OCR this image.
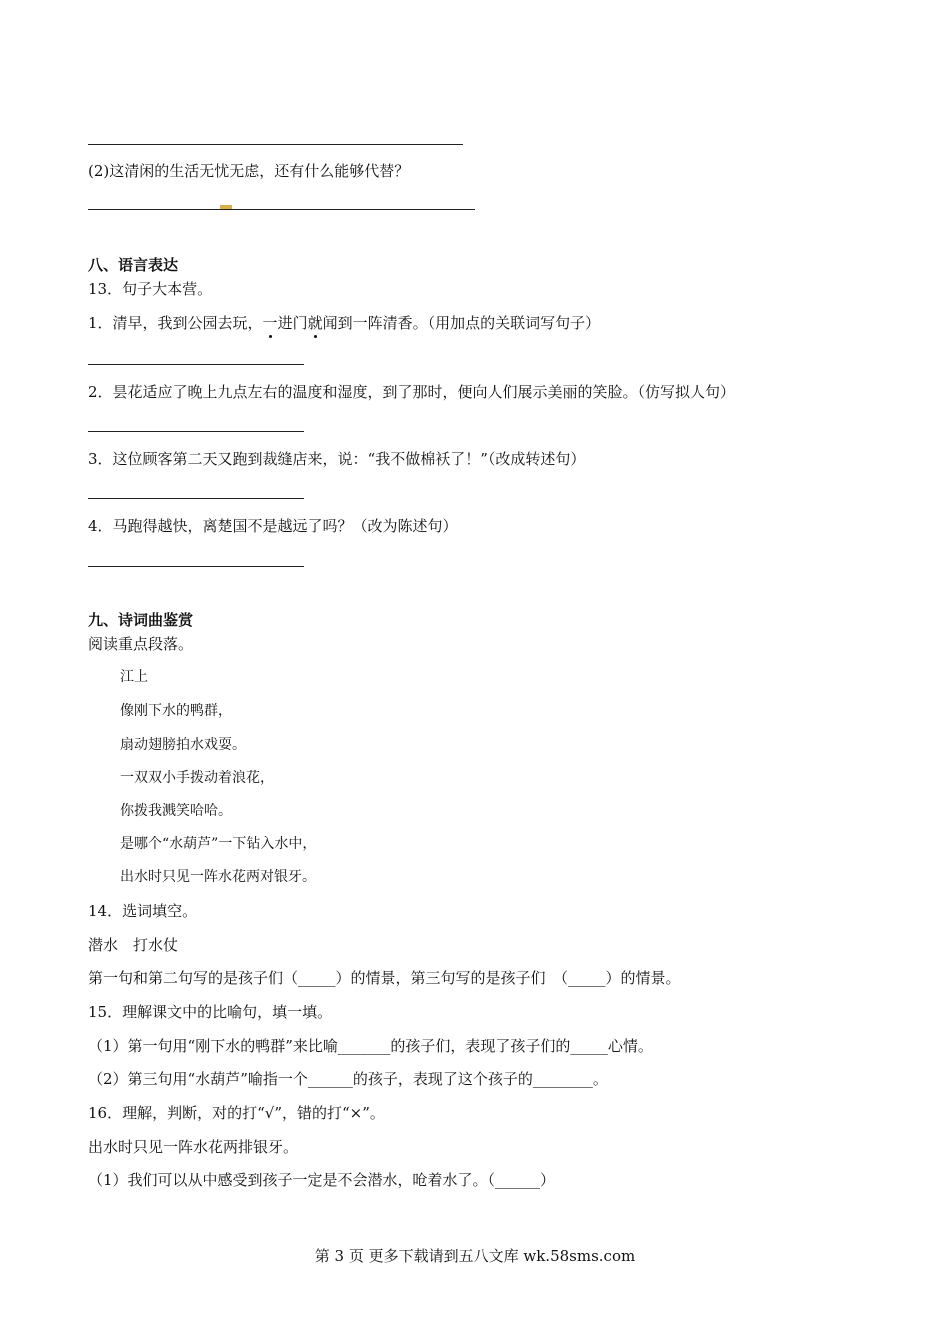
(2)这清闲的生活无忧无虑，还有什么能够代替？
八、语言表达
13．句子大本营。
1．清早，我到公园去玩，一进门就闻到一阵清香。（用加点的关联词写句子）
2．昙花适应了晚上九点左右的温度和湿度，到了那时，便向人们展示美丽的笑脸。（仿写拟人句）
3．这位顾客第二天又跑到裁缝店来，说：“我不做棉袄了！”（改成转述句）
4．马跑得越快，离楚国不是越远了吗？（改为陈述句）
九、诗词曲鉴赏
阅读重点段落。
江上
像刚下水的鸭群，
扇动翅膀拍水戏耍。
一双双小手拨动着浪花，
你拨我溅笑哈哈。
是哪个“水葫芦”一下钻入水中，
出水时只见一阵水花两对银牙。
14．选词填空。
潜水　打水仗
第一句和第二句写的是孩子们（_____）的情景，第三句写的是孩子们　（_____）的情景。
15．理解课文中的比喻句，填一填。
（1）第一句用“刚下水的鸭群”来比喻_______的孩子们，表现了孩子们的_____心情。
（2）第三句用“水葫芦”喻指一个______的孩子，表现了这个孩子的________。
16．理解，判断，对的打“√”，错的打“×”。
出水时只见一阵水花两排银牙。
（1）我们可以从中感受到孩子一定是不会潜水，呛着水了。（______）
第 3 页 更多下载请到五八文库 wk.58sms.com
